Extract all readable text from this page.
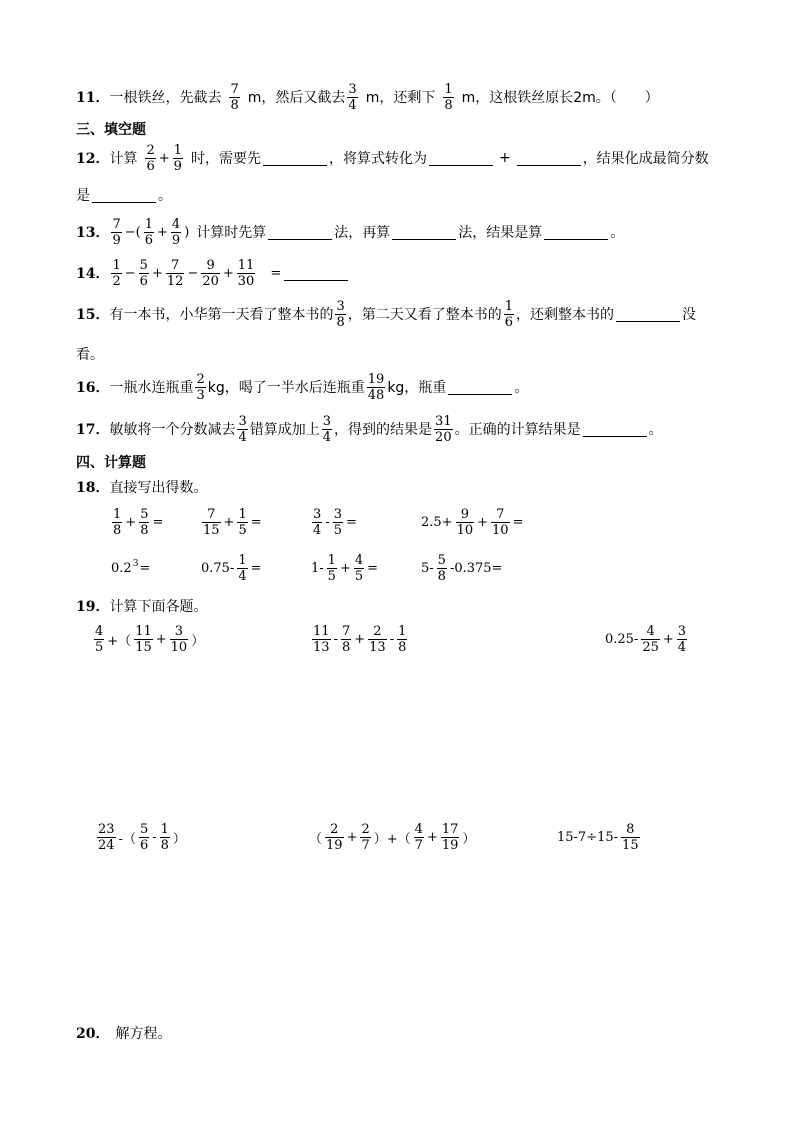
11． 一根铁丝，先截去 $\frac{7}{8}$ m，然后又截去 $\frac{3}{4}$ m，还剩下 $\frac{1}{8}$ m，这根铁丝原长2m。（　　）
三、填空题
12． 计算 $\frac{2}{6} + \frac{1}{9}$ 时，需要先	，将算式转化为	+	，结果化成最简分数
是	。
13． $\frac{7}{9}$ −( $\frac{1}{6} + \frac{4}{9}$ ) 计算时先算	法，再算	法，结果是算	。
14． $\frac{1}{2} - \frac{5}{6} + \frac{7}{12} - \frac{9}{20} + \frac{11}{30}$ =
15． 有一本书，小华第一天看了整本书的 $\frac{3}{8}$ ，第二天又看了整本书的 $\frac{1}{6}$ ，还剩整本书的	没
看。
16． 一瓶水连瓶重 $\frac{2}{3}$ kg，喝了一半水后连瓶重 $\frac{19}{48}$ kg，瓶重	。
17． 敏敏将一个分数减去 $\frac{3}{4}$ 错算成加上 $\frac{3}{4}$ ，得到的结果是 $\frac{31}{20}$ 。正确的计算结果是	。
四、计算题
18． 直接写出得数。
$\frac{1}{8} + \frac{5}{8}$ =	$\frac{7}{15} + \frac{1}{5}$ =	$\frac{3}{4} - \frac{3}{5}$ =	$2.5+ \frac{9}{10} + \frac{7}{10}$ =
$0.2^3$ =	$0.75- \frac{1}{4}$ =	$1- \frac{1}{5} + \frac{4}{5}$ =	$5- \frac{5}{8} -0.375=$
19． 计算下面各题。
$\frac{4}{5}$ +（ $\frac{11}{15} + \frac{3}{10}$ ）	$\frac{11}{13} - \frac{7}{8} + \frac{2}{13} - \frac{1}{8}$	$0.25- \frac{4}{25} + \frac{3}{4}$
$\frac{23}{24}$ -（ $\frac{5}{6} - \frac{1}{8}$ ）	（ $\frac{2}{19} + \frac{2}{7}$ ）+（ $\frac{4}{7} + \frac{17}{19}$ ）	$15-7\div 15- \frac{8}{15}$
20． 解方程。
